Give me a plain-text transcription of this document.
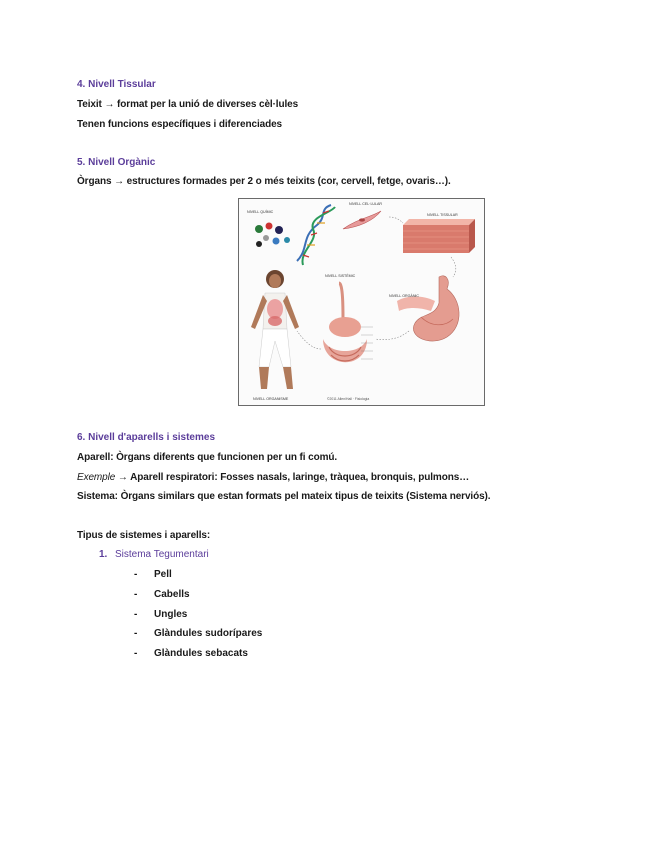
4. Nivell Tissular
Teixit → format per la unió de diverses cèl·lules
Tenen funcions específiques i diferenciades
5. Nivell Orgànic
Òrgans → estructures formades per 2 o més teixits (cor, cervell, fetge, ovaris…).
NIVELL QUÍMIC
NIVELL CEL·LULAR
NIVELL TISSULAR
NIVELL ORGANISME
NIVELL SISTÈMIC
NIVELL ORGÀNIC
©2011 Allen/Hall · Fisiologia
6. Nivell d'aparells i sistemes
Aparell: Òrgans diferents que funcionen per un fi comú.
Exemple → Aparell respiratori: Fosses nasals, laringe, tràquea, bronquis, pulmons…
Sistema: Òrgans similars que estan formats pel mateix tipus de teixits (Sistema nerviós).
Tipus de sistemes i aparells:
1. Sistema Tegumentari
- Pell
- Cabells
- Ungles
- Glàndules sudorípares
- Glàndules sebacats
